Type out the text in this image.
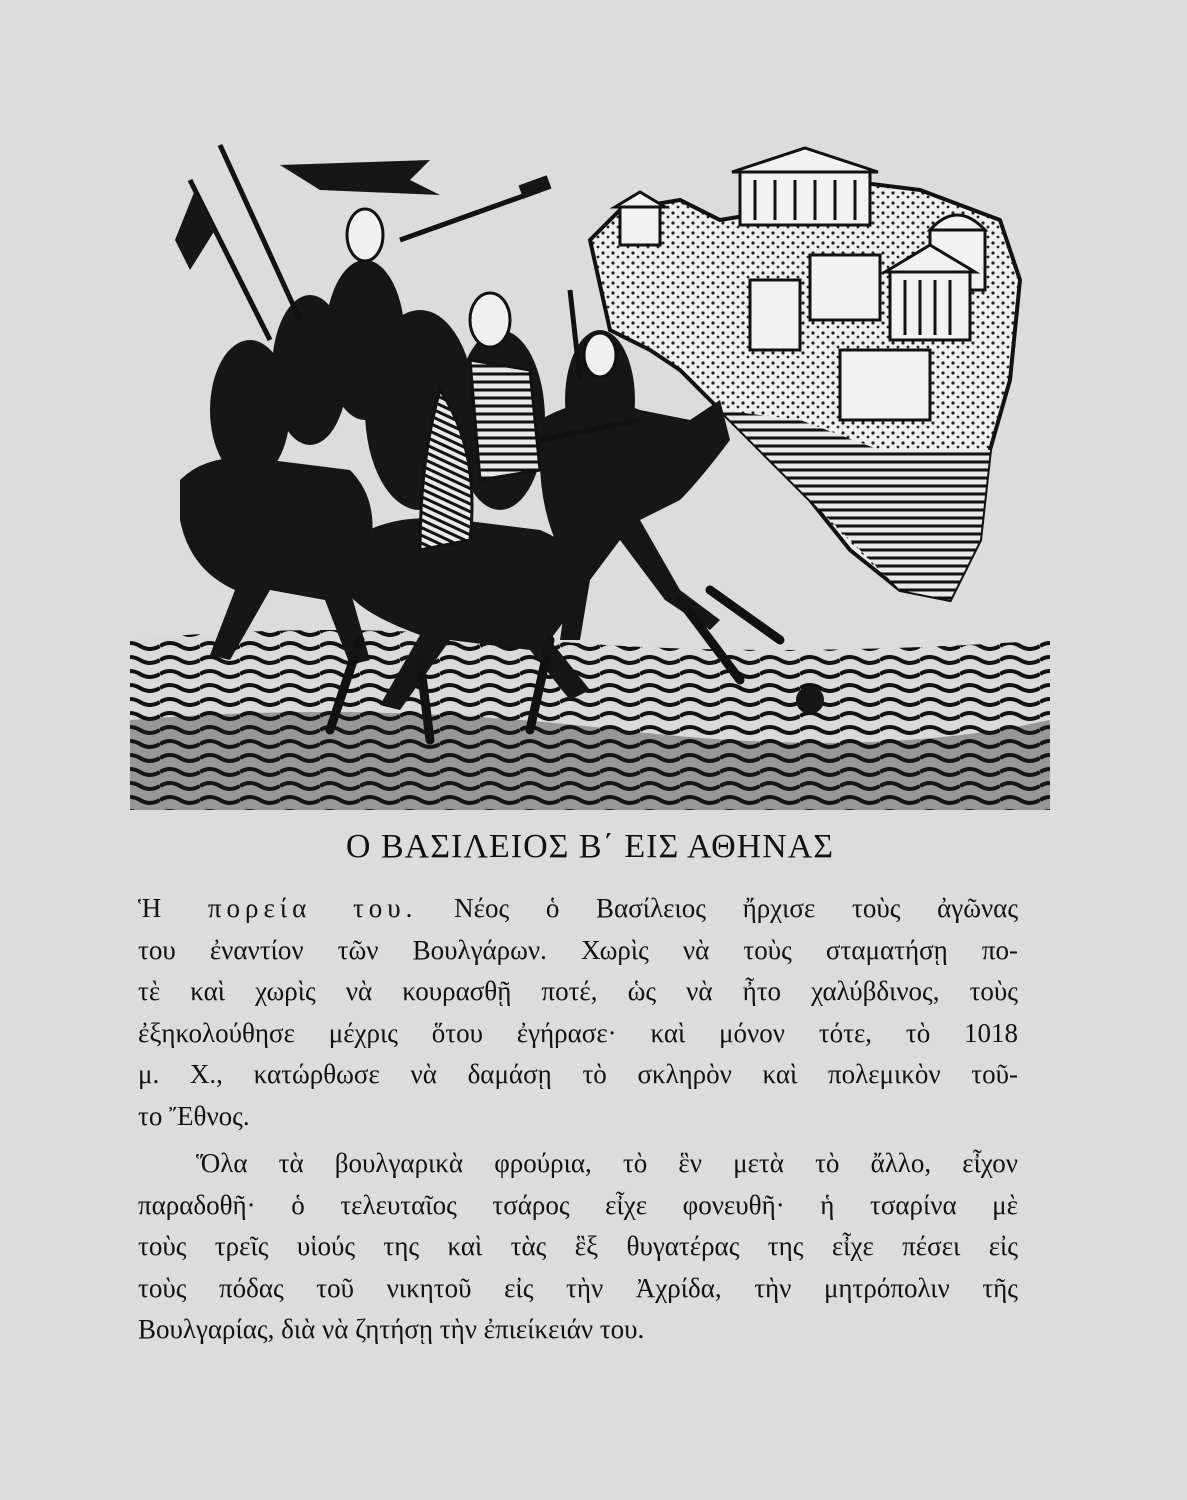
Ο ΒΑΣΙΛΕΙΟΣ Β΄ ΕΙΣ ΑΘΗΝΑΣ
Ἡ πορεία του. Νέος ὁ Βασίλειος ἤρχισε τοὺς ἀγῶνας
του ἐναντίον τῶν Βουλγάρων. Χωρὶς νὰ τοὺς σταματήσῃ πο-
τὲ καὶ χωρὶς νὰ κουρασθῇ ποτέ, ὡς νὰ ἦτο χαλύβδινος, τοὺς
ἐξηκολούθησε μέχρις ὅτου ἐγήρασε· καὶ μόνον τότε, τὸ 1018
μ. Χ., κατώρθωσε νὰ δαμάσῃ τὸ σκληρὸν καὶ πολεμικὸν τοῦ-
το Ἔθνος.
Ὅλα τὰ βουλγαρικὰ φρούρια, τὸ ἓν μετὰ τὸ ἄλλο, εἶχον
παραδοθῆ· ὁ τελευταῖος τσάρος εἶχε φονευθῆ· ἡ τσαρίνα μὲ
τοὺς τρεῖς υἱούς της καὶ τὰς ἓξ θυγατέρας της εἶχε πέσει εἰς
τοὺς πόδας τοῦ νικητοῦ εἰς τὴν Ἀχρίδα, τὴν μητρόπολιν τῆς
Βουλγαρίας, διὰ νὰ ζητήσῃ τὴν ἐπιείκειάν του.
